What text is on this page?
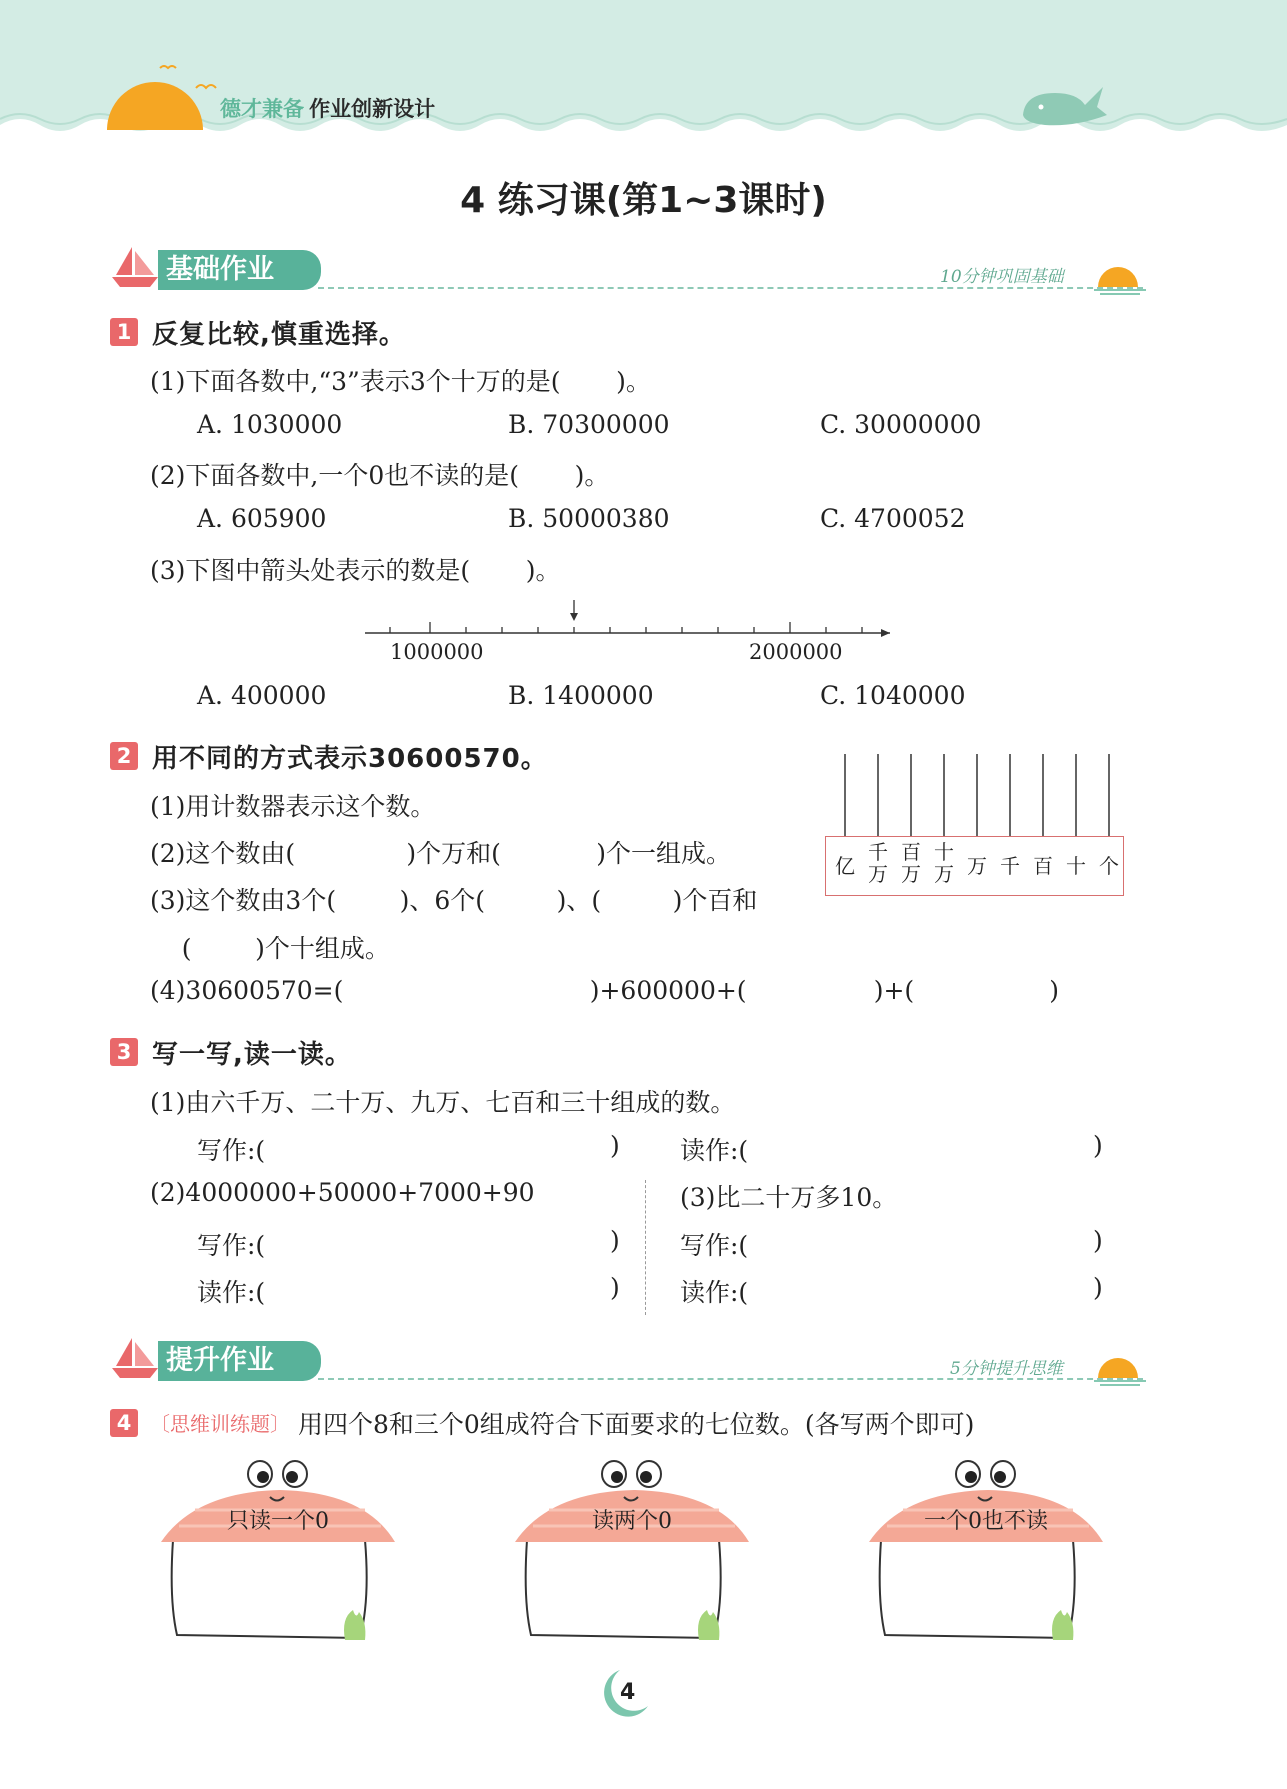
德才兼备 作业创新设计
4 练习课(第1~3课时)
基础作业	10分钟巩固基础
1 反复比较,慎重选择。
(1)下面各数中,“3”表示3个十万的是(       )。
A. 1030000	B. 70300000	C. 30000000
(2)下面各数中,一个0也不读的是(       )。
A. 605900	B. 50000380	C. 4700052
(3)下图中箭头处表示的数是(       )。
1000000	2000000
A. 400000	B. 1400000	C. 1040000
2 用不同的方式表示30600570。
(1)用计数器表示这个数。
(2)这个数由(              )个万和(            )个一组成。
(3)这个数由3个(        )、6个(         )、(         )个百和
(        )个十组成。
(4)30600570=(                               )+600000+(                )+(                 )
亿
千
万
百
万
十
万 万 千 百 十 个
3 写一写,读一读。
(1)由六千万、二十万、九万、七百和三十组成的数。
写作:(	) 读作:(	)
(2)4000000+50000+7000+90
写作:(	)
读作:(	)
(3)比二十万多10。
写作:(	)
读作:(	)
提升作业	5分钟提升思维
4 〔思维训练题〕 用四个8和三个0组成符合下面要求的七位数。(各写两个即可)
只读一个0	读两个0	一个0也不读
4
